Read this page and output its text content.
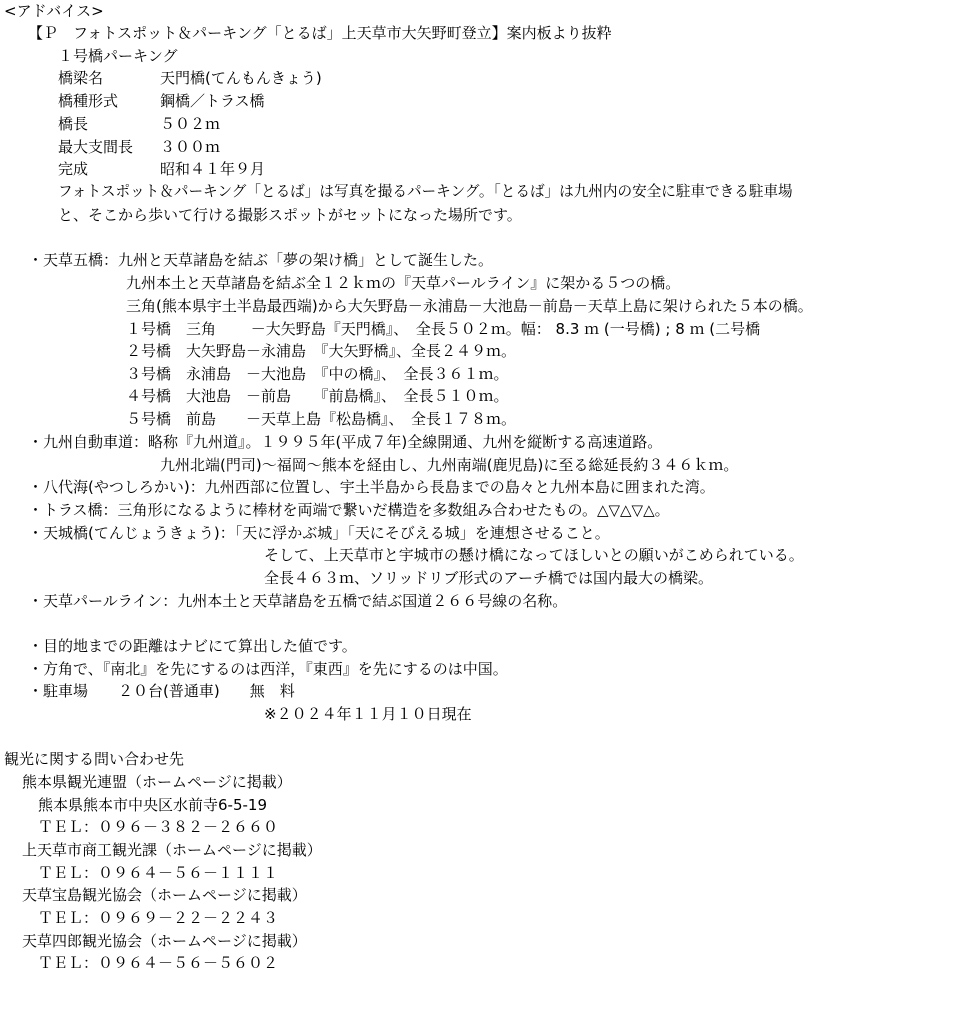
<アドバイス>
【Ｐ　フォトスポット＆パーキング「とるば」上天草市大矢野町登立】案内板より抜粋
１号橋パーキング
橋梁名	天門橋(てんもんきょう)
橋種形式	鋼橋／トラス橋
橋長	５０２ｍ
最大支間長 ３００ｍ
完成	昭和４１年９月
フォトスポット＆パーキング「とるば」は写真を撮るパーキング。「とるば」は九州内の安全に駐車できる駐車場
と、そこから歩いて行ける撮影スポットがセットになった場所です。
・天草五橋：九州と天草諸島を結ぶ「夢の架け橋」として誕生した。
九州本土と天草諸島を結ぶ全１２ｋｍの『天草パールライン』に架かる５つの橋。
三角(熊本県宇土半島最西端)から大矢野島－永浦島－大池島－前島－天草上島に架けられた５本の橋。
１号橋　三角　　 －大矢野島『天門橋』、　全長５０２ｍ。幅： 8.3 ｍ (一号橋) ; 8 ｍ (二号橋
２号橋　大矢野島－永浦島　『大矢野橋』、全長２４９ｍ。
３号橋　永浦島　－大池島　『中の橋』、　全長３６１ｍ。
４号橋　大池島　－前島　　『前島橋』、　全長５１０ｍ。
５号橋　前島　　－天草上島『松島橋』、　全長１７８ｍ。
・九州自動車道：略称『九州道』。１９９５年(平成７年)全線開通、九州を縦断する高速道路。
九州北端(門司)～福岡～熊本を経由し、九州南端(鹿児島)に至る総延長約３４６ｋｍ。
・八代海(やつしろかい)：九州西部に位置し、宇土半島から長島までの島々と九州本島に囲まれた湾。
・トラス橋：三角形になるように棒材を両端で繋いだ構造を多数組み合わせたもの。△▽△▽△。
・天城橋(てんじょうきょう)：「天に浮かぶ城」「天にそびえる城」を連想させること。
そして、上天草市と宇城市の懸け橋になってほしいとの願いがこめられている。
全長４６３ｍ、ソリッドリブ形式のアーチ橋では国内最大の橋梁。
・天草パールライン：九州本土と天草諸島を五橋で結ぶ国道２６６号線の名称。
・目的地までの距離はナビにて算出した値です。
・方角で、『南北』を先にするのは西洋，『東西』を先にするのは中国。
・駐車場　　２０台(普通車)　　無　料
※２０２４年１１月１０日現在
観光に関する問い合わせ先
熊本県観光連盟（ホームページに掲載）
熊本県熊本市中央区水前寺6-5-19
ＴＥＬ：０９６－３８２－２６６０
上天草市商工観光課（ホームページに掲載）
ＴＥＬ：０９６４－５６－１１１１
天草宝島観光協会（ホームページに掲載）
ＴＥＬ：０９６９－２２－２２４３
天草四郎観光協会（ホームページに掲載）
ＴＥＬ：０９６４－５６－５６０２
